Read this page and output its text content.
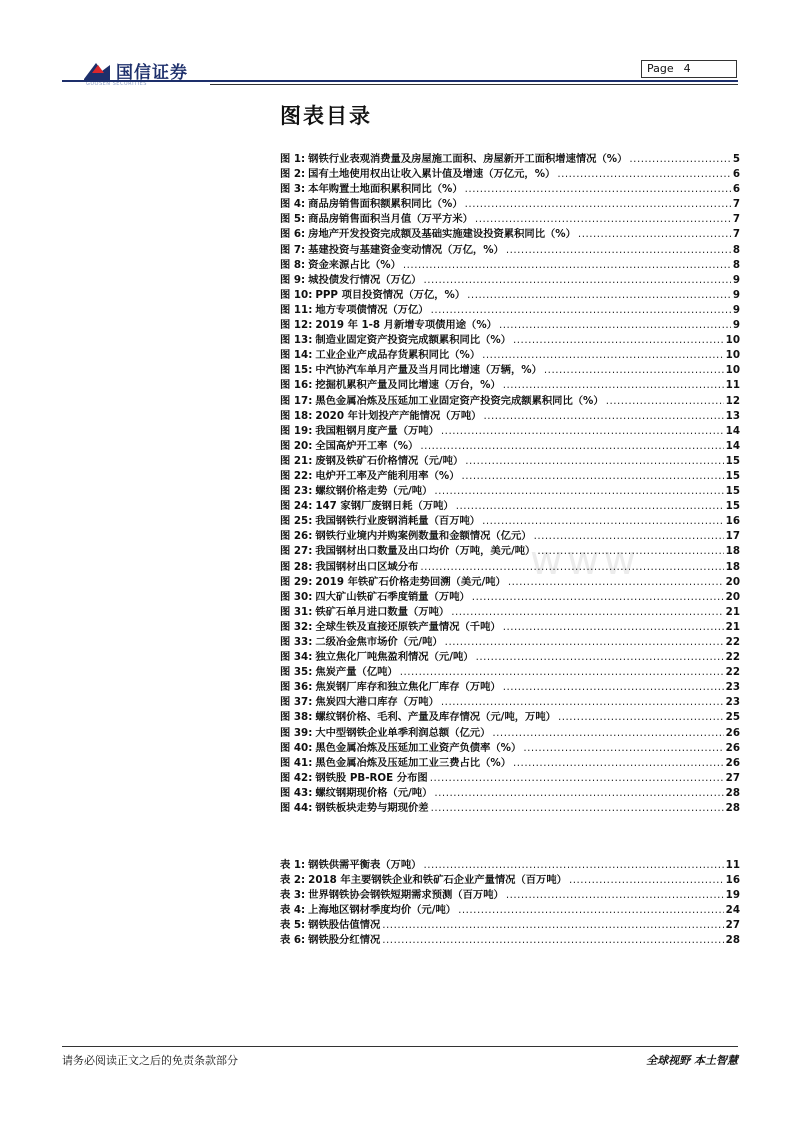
国信证券
GUOSEN SECURITIES
Page 4
图表目录
www
图 1: 钢铁行业表观消费量及房屋施工面积、房屋新开工面积增速情况（%） .....	5
图 2: 国有土地使用权出让收入累计值及增速（万亿元，%） .....	6
图 3: 本年购置土地面积累积同比（%） .....	6
图 4: 商品房销售面积额累积同比（%） .....	7
图 5: 商品房销售面积当月值（万平方米） .....	7
图 6: 房地产开发投资完成额及基础实施建设投资累积同比（%） .....	7
图 7: 基建投资与基建资金变动情况（万亿，%） .....	8
图 8: 资金来源占比（%） .....	8
图 9: 城投债发行情况（万亿） .....	9
图 10: PPP 项目投资情况（万亿，%） .....	9
图 11: 地方专项债情况（万亿） .....	9
图 12: 2019 年 1-8 月新增专项债用途（%） .....	9
图 13: 制造业固定资产投资完成额累积同比（%） .....	10
图 14: 工业企业产成品存货累积同比（%） .....	10
图 15: 中汽协汽车单月产量及当月同比增速（万辆，%） .....	10
图 16: 挖掘机累积产量及同比增速（万台，%） .....	11
图 17: 黑色金属冶炼及压延加工业固定资产投资完成额累积同比（%） .....	12
图 18: 2020 年计划投产产能情况（万吨） .....	13
图 19: 我国粗钢月度产量（万吨） .....	14
图 20: 全国高炉开工率（%） .....	14
图 21: 废钢及铁矿石价格情况（元/吨） .....	15
图 22: 电炉开工率及产能利用率（%） .....	15
图 23: 螺纹钢价格走势（元/吨） .....	15
图 24: 147 家钢厂废钢日耗（万吨） .....	15
图 25: 我国钢铁行业废钢消耗量（百万吨） .....	16
图 26: 钢铁行业境内并购案例数量和金额情况（亿元） .....	17
图 27: 我国钢材出口数量及出口均价（万吨，美元/吨） .....	18
图 28: 我国钢材出口区域分布 .....	18
图 29: 2019 年铁矿石价格走势回溯（美元/吨） .....	20
图 30: 四大矿山铁矿石季度销量（万吨） .....	20
图 31: 铁矿石单月进口数量（万吨） .....	21
图 32: 全球生铁及直接还原铁产量情况（千吨） .....	21
图 33: 二级冶金焦市场价（元/吨） .....	22
图 34: 独立焦化厂吨焦盈利情况（元/吨） .....	22
图 35: 焦炭产量（亿吨） .....	22
图 36: 焦炭钢厂库存和独立焦化厂库存（万吨） .....	23
图 37: 焦炭四大港口库存（万吨） .....	23
图 38: 螺纹钢价格、毛利、产量及库存情况（元/吨，万吨） .....	25
图 39: 大中型钢铁企业单季利润总额（亿元） .....	26
图 40: 黑色金属冶炼及压延加工业资产负债率（%） .....	26
图 41: 黑色金属冶炼及压延加工业三费占比（%） .....	26
图 42: 钢铁股 PB-ROE 分布图 .....	27
图 43: 螺纹钢期现价格（元/吨） .....	28
图 44: 钢铁板块走势与期现价差 .....	28
表 1: 钢铁供需平衡表（万吨） .....	11
表 2: 2018 年主要钢铁企业和铁矿石企业产量情况（百万吨） .....	16
表 3: 世界钢铁协会钢铁短期需求预测（百万吨） .....	19
表 4: 上海地区钢材季度均价（元/吨） .....	24
表 5: 钢铁股估值情况 .....	27
表 6: 钢铁股分红情况 .....	28
请务必阅读正文之后的免责条款部分	全球视野 本土智慧
